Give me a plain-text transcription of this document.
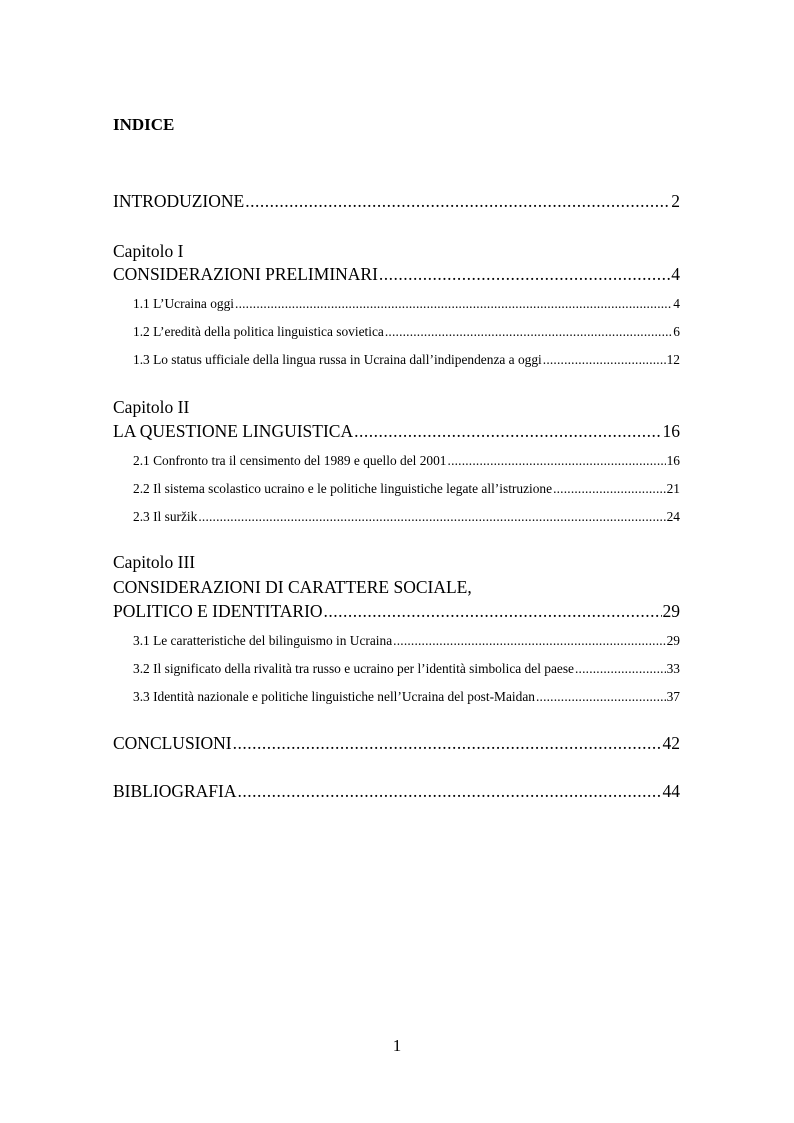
INDICE
INTRODUZIONE .....	2
Capitolo I
CONSIDERAZIONI PRELIMINARI .....	4
1.1 L’Ucraina oggi .....	4
1.2 L’eredità della politica linguistica sovietica .....	6
1.3 Lo status ufficiale della lingua russa in Ucraina dall’indipendenza a oggi .....	12
Capitolo II
LA QUESTIONE LINGUISTICA .....	16
2.1 Confronto tra il censimento del 1989 e quello del 2001 .....	16
2.2 Il sistema scolastico ucraino e le politiche linguistiche legate all’istruzione .....	21
2.3 Il suržik .....	24
Capitolo III
CONSIDERAZIONI DI CARATTERE SOCIALE,
POLITICO E IDENTITARIO .....	29
3.1 Le caratteristiche del bilinguismo in Ucraina .....	29
3.2 Il significato della rivalità tra russo e ucraino per l’identità simbolica del paese .....	33
3.3 Identità nazionale e politiche linguistiche nell’Ucraina del post-Maidan .....	37
CONCLUSIONI .....	42
BIBLIOGRAFIA .....	44
1
